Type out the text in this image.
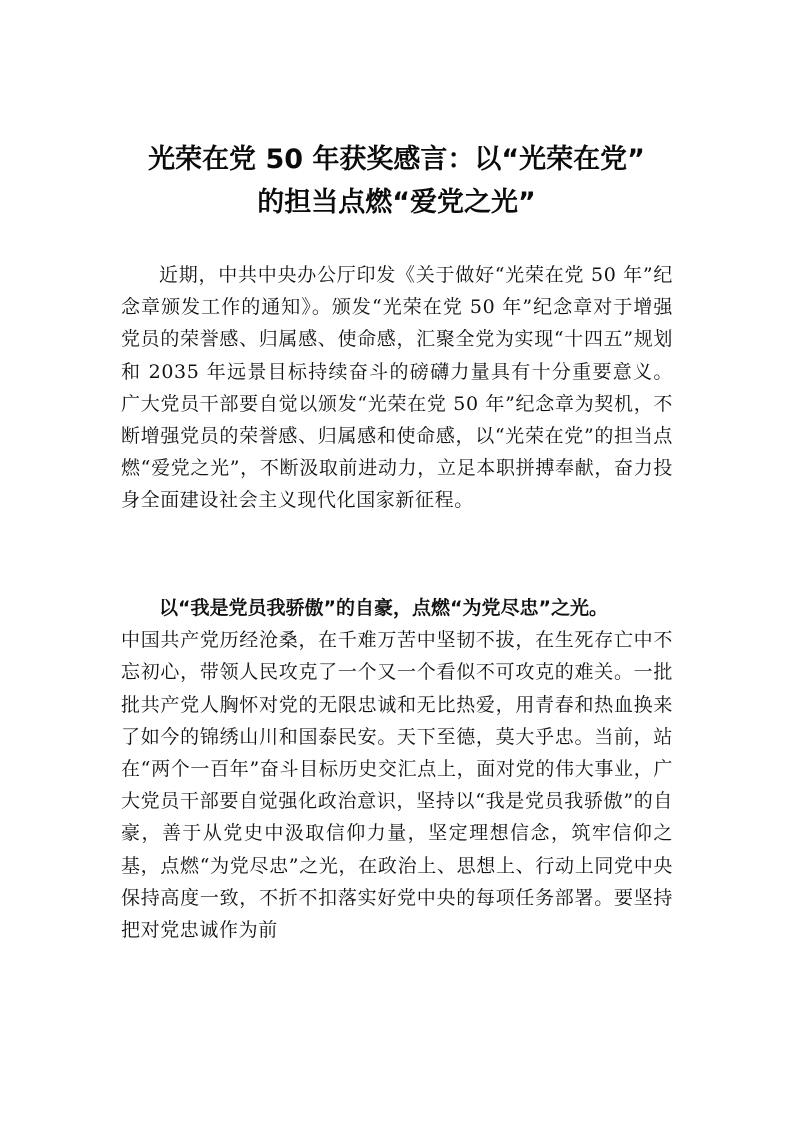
光荣在党 50 年获奖感言：以“光荣在党”
的担当点燃“爱党之光”
近期，中共中央办公厅印发《关于做好“光荣在党 50 年”纪念章颁发工作的通知》。颁发“光荣在党 50 年”纪念章对于增强党员的荣誉感、归属感、使命感，汇聚全党为实现“十四五”规划和 2035 年远景目标持续奋斗的磅礴力量具有十分重要意义。广大党员干部要自觉以颁发“光荣在党 50 年”纪念章为契机，不断增强党员的荣誉感、归属感和使命感，以“光荣在党”的担当点燃“爱党之光”，不断汲取前进动力，立足本职拼搏奉献，奋力投身全面建设社会主义现代化国家新征程。
以“我是党员我骄傲”的自豪，点燃“为党尽忠”之光。
中国共产党历经沧桑，在千难万苦中坚韧不拔，在生死存亡中不忘初心，带领人民攻克了一个又一个看似不可攻克的难关。一批批共产党人胸怀对党的无限忠诚和无比热爱，用青春和热血换来了如今的锦绣山川和国泰民安。天下至德，莫大乎忠。当前，站在“两个一百年”奋斗目标历史交汇点上，面对党的伟大事业，广大党员干部要自觉强化政治意识，坚持以“我是党员我骄傲”的自豪，善于从党史中汲取信仰力量，坚定理想信念，筑牢信仰之基，点燃“为党尽忠”之光，在政治上、思想上、行动上同党中央保持高度一致，不折不扣落实好党中央的每项任务部署。要坚持把对党忠诚作为前
